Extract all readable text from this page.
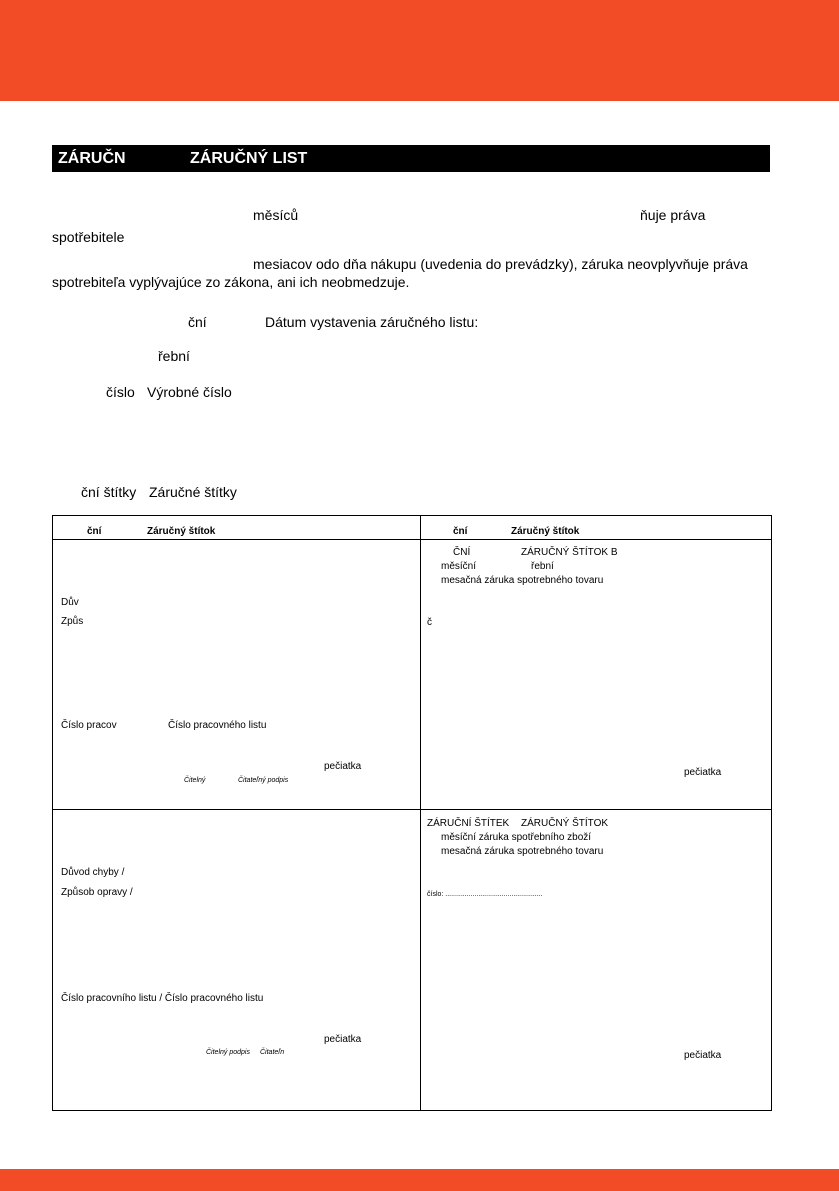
ZÁRUČN	ZÁRUČNÝ LIST
měsíců	ňuje práva
spotřebitele
mesiacov odo dňa nákupu (uvedenia do prevádzky), záruka neovplyvňuje práva
spotrebiteľa vyplývajúce zo zákona, ani ich neobmedzuje.
ční	Dátum vystavenia záručného listu:
řební
číslo Výrobné číslo
ční štítky Záručné štítky
ční	Záručný štítok	ční	Záručný štítok
Dův
Způs
Číslo pracov	Číslo pracovného listu
pečiatka
Čitelný	Čitateľný podpis
ČNÍ	ZÁRUČNÝ ŠTÍTOK B
měsíční	řební
mesačná záruka spotrebného tovaru
č
pečiatka
Důvod chyby /
Způsob opravy /
Číslo pracovního listu / Číslo pracovného listu
pečiatka
Čitelný podpis Čitateľn
ZÁRUČNÍ ŠTÍTEK ZÁRUČNÝ ŠTÍTOK
měsíční záruka spotřebního zboží
mesačná záruka spotrebného tovaru
číslo: ..................................................
pečiatka
